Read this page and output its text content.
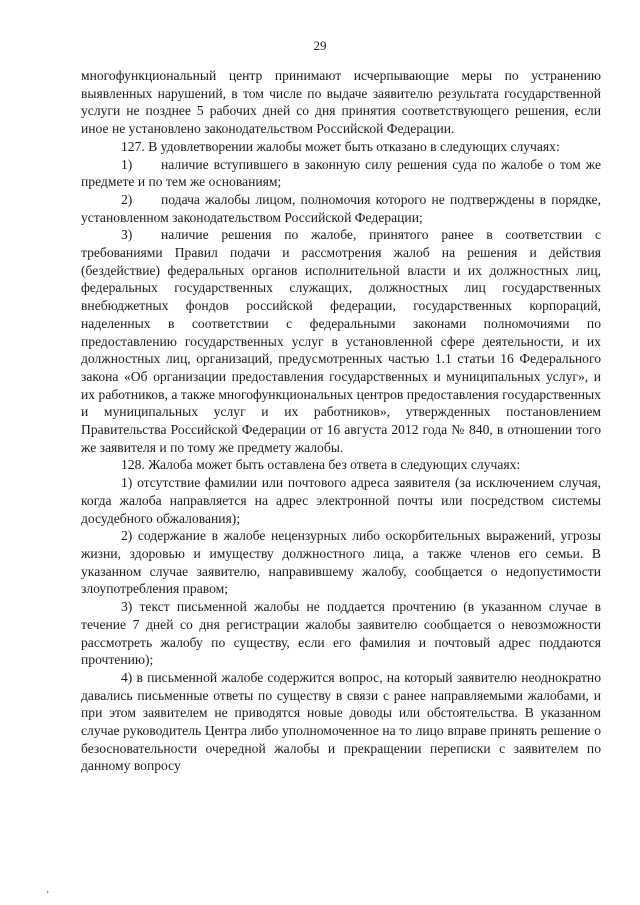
29

многофункциональный центр принимают исчерпывающие меры по устранению выявленных нарушений, в том числе по выдаче заявителю результата государственной услуги не позднее 5 рабочих дней со дня принятия соответствующего решения, если иное не установлено законодательством Российской Федерации.

127. В удовлетворении жалобы может быть отказано в следующих случаях:

1) наличие вступившего в законную силу решения суда по жалобе о том же предмете и по тем же основаниям;

2) подача жалобы лицом, полномочия которого не подтверждены в порядке, установленном законодательством Российской Федерации;

3) наличие решения по жалобе, принятого ранее в соответствии с требованиями Правил подачи и рассмотрения жалоб на решения и действия (бездействие) федеральных органов исполнительной власти и их должностных лиц, федеральных государственных служащих, должностных лиц государственных внебюджетных фондов российской федерации, государственных корпораций, наделенных в соответствии с федеральными законами полномочиями по предоставлению государственных услуг в установленной сфере деятельности, и их должностных лиц, организаций, предусмотренных частью 1.1 статьи 16 Федерального закона «Об организации предоставления государственных и муниципальных услуг», и их работников, а также многофункциональных центров предоставления государственных и муниципальных услуг и их работников», утвержденных постановлением Правительства Российской Федерации от 16 августа 2012 года № 840, в отношении того же заявителя и по тому же предмету жалобы.

128. Жалоба может быть оставлена без ответа в следующих случаях:

1) отсутствие фамилии или почтового адреса заявителя (за исключением случая, когда жалоба направляется на адрес электронной почты или посредством системы досудебного обжалования);

2) содержание в жалобе нецензурных либо оскорбительных выражений, угрозы жизни, здоровью и имуществу должностного лица, а также членов его семьи. В указанном случае заявителю, направившему жалобу, сообщается о недопустимости злоупотребления правом;

3) текст письменной жалобы не поддается прочтению (в указанном случае в течение 7 дней со дня регистрации жалобы заявителю сообщается о невозможности рассмотреть жалобу по существу, если его фамилия и почтовый адрес поддаются прочтению);

4) в письменной жалобе содержится вопрос, на который заявителю неоднократно давались письменные ответы по существу в связи с ранее направляемыми жалобами, и при этом заявителем не приводятся новые доводы или обстоятельства. В указанном случае руководитель Центра либо уполномоченное на то лицо вправе принять решение о безосновательности очередной жалобы и прекращении переписки с заявителем по данному вопросу

’
